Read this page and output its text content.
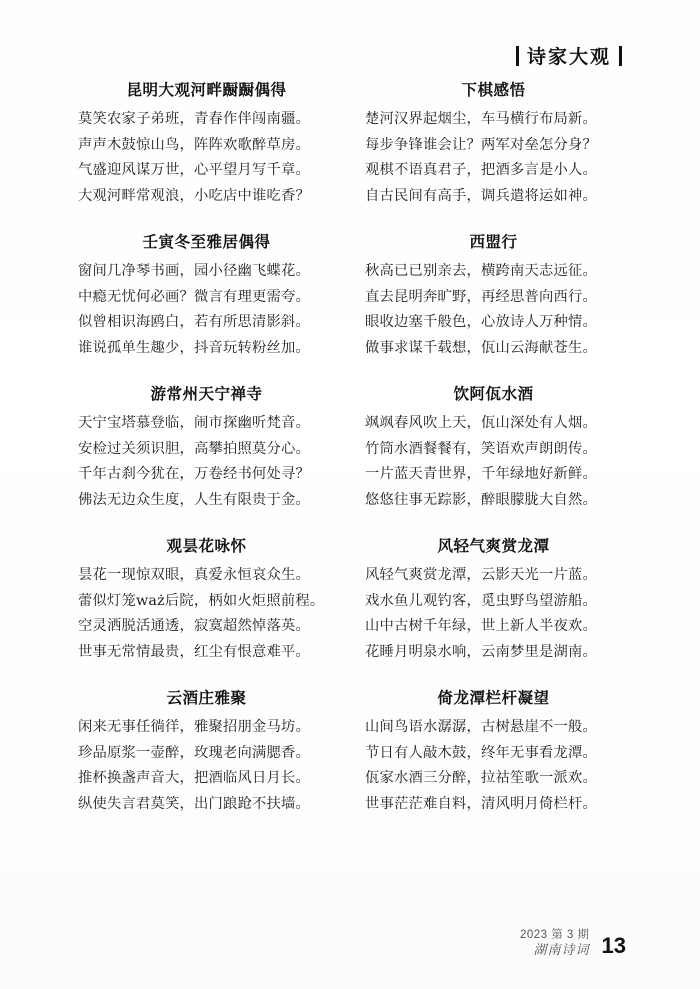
诗家大观
昆明大观河畔蹰蹰偶得
莫笑农家子弟班，青春作伴闯南疆。
声声木鼓惊山鸟，阵阵欢歌醉草房。
气盛迎风谋万世，心平望月写千章。
大观河畔常观浪，小吃店中谁吃香？
壬寅冬至雅居偶得
窗间几净琴书画，园小径幽飞蝶花。
中瘾无忧何必画？微言有理更需夸。
似曾相识海鸥白，若有所思清影斜。
谁说孤单生趣少，抖音玩转粉丝加。
游常州天宁禅寺
天宁宝塔慕登临，闹市探幽听梵音。
安检过关须识胆，高攀拍照莫分心。
千年古刹今犹在，万卷经书何处寻？
佛法无边众生度，人生有限贵于金。
观昙花咏怀
昙花一现惊双眼，真爱永恒哀众生。
蕾似灯笼waż后院，柄如火炬照前程。
空灵洒脱活通透，寂寞超然悼落英。
世事无常情最贵，红尘有恨意难平。
云酒庄雅聚
闲来无事任徜徉，雅聚招朋金马坊。
珍品原浆一壶醉，玫瑰老向满腮香。
推杯换盏声音大，把酒临风日月长。
纵使失言君莫笑，出门踉跄不扶墙。
下棋感悟
楚河汉界起烟尘，车马横行布局新。
每步争锋谁会让？两军对垒怎分身？
观棋不语真君子，把酒多言是小人。
自古民间有高手，调兵遣将运如神。
西盟行
秋高已已别亲去，横跨南天志远征。
直去昆明奔旷野，再经思普向西行。
眼收边塞千般色，心放诗人万种情。
做事求谋千载想，佤山云海献苍生。
饮阿佤水酒
飒飒春风吹上天，佤山深处有人烟。
竹筒水酒餐餐有，笑语欢声朗朗传。
一片蓝天青世界，千年绿地好新鲜。
悠悠往事无踪影，醉眼朦胧大自然。
风轻气爽赏龙潭
风轻气爽赏龙潭，云影天光一片蓝。
戏水鱼儿观钓客，觅虫野鸟望游船。
山中古树千年绿，世上新人半夜欢。
花睡月明泉水响，云南梦里是湖南。
倚龙潭栏杆凝望
山间鸟语水潺潺，古树悬崖不一般。
节日有人敲木鼓，终年无事看龙潭。
佤家水酒三分醉，拉祜笙歌一派欢。
世事茫茫难自料，清风明月倚栏杆。
2023 第 3 期
湖南诗词 13
